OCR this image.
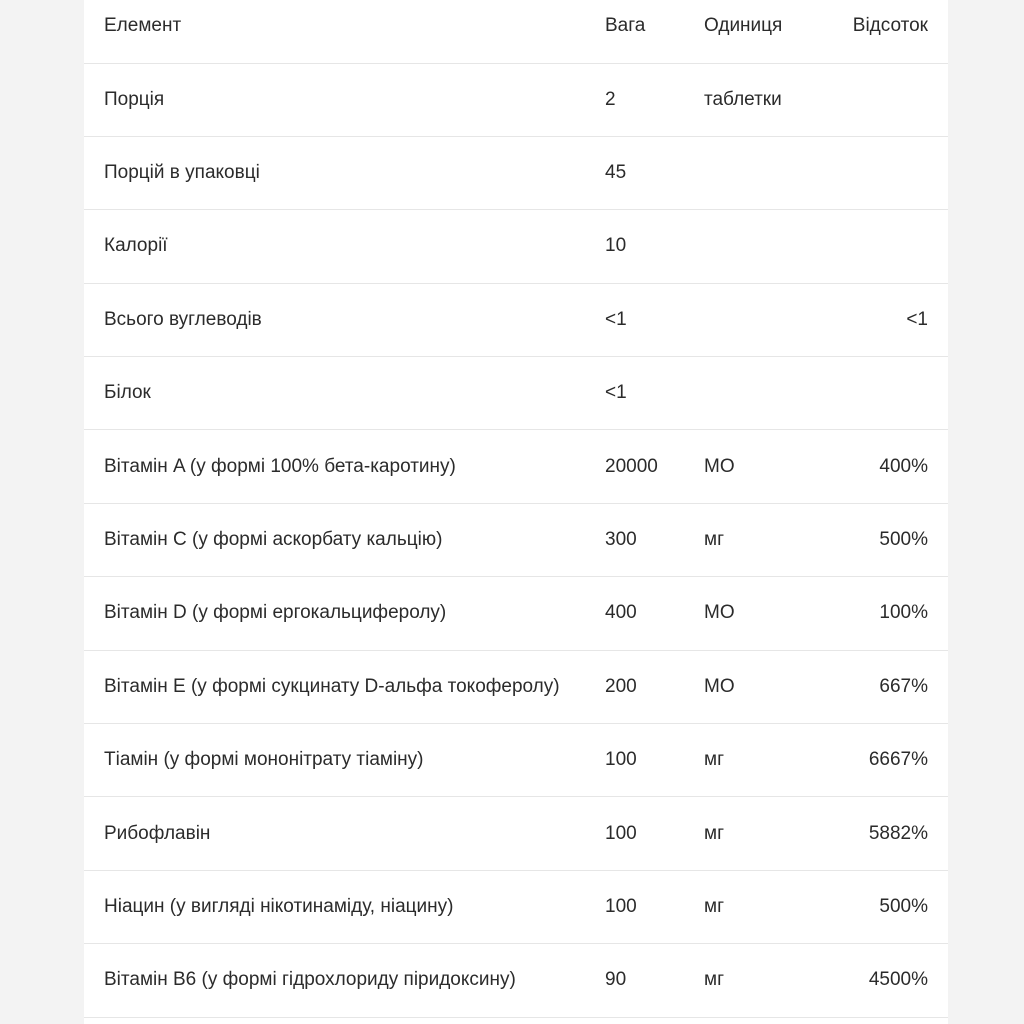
Елемент	Вага	Одиниця	Відсоток
Порція	2	таблетки	
Порцій в упаковці	45		
Калорії	10		
Всього вуглеводів	<1		<1
Білок	<1		
Вітамін A (у формі 100% бета-каротину)	20000	МО	400%
Вітамін C (у формі аскорбату кальцію)	300	мг	500%
Вітамін D (у формі ергокальциферолу)	400	МО	100%
Вітамін E (у формі сукцинату D-альфа токоферолу)	200	МО	667%
Тіамін (у формі мононітрату тіаміну)	100	мг	6667%
Рибофлавін	100	мг	5882%
Ніацин (у вигляді нікотинаміду, ніацину)	100	мг	500%
Вітамін B6 (у формі гідрохлориду піридоксину)	90	мг	4500%
